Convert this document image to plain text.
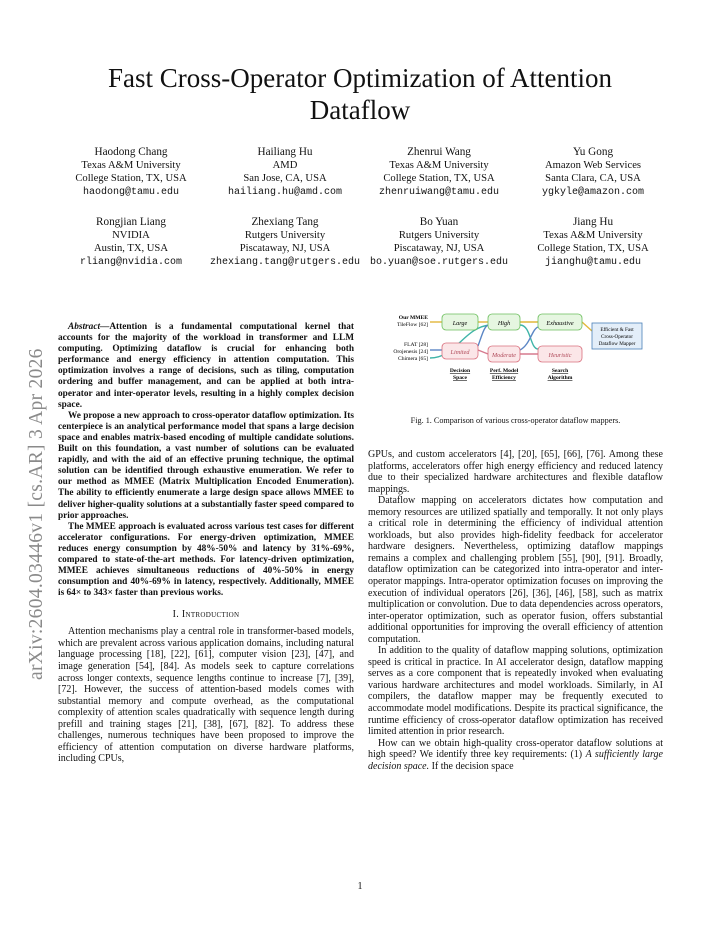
arXiv:2604.03446v1 [cs.AR] 3 Apr 2026
Fast Cross-Operator Optimization of Attention Dataflow
Haodong Chang
Texas A&M University
College Station, TX, USA
haodong@tamu.edu
Hailiang Hu
AMD
San Jose, CA, USA
hailiang.hu@amd.com
Zhenrui Wang
Texas A&M University
College Station, TX, USA
zhenruiwang@tamu.edu
Yu Gong
Amazon Web Services
Santa Clara, CA, USA
ygkyle@amazon.com
Rongjian Liang
NVIDIA
Austin, TX, USA
rliang@nvidia.com
Zhexiang Tang
Rutgers University
Piscataway, NJ, USA
zhexiang.tang@rutgers.edu
Bo Yuan
Rutgers University
Piscataway, NJ, USA
bo.yuan@soe.rutgers.edu
Jiang Hu
Texas A&M University
College Station, TX, USA
jianghu@tamu.edu

Abstract—Attention is a fundamental computational kernel that accounts for the majority of the workload in transformer and LLM computing. Optimizing dataflow is crucial for enhancing both performance and energy efficiency in attention computation. This optimization involves a range of decisions, such as tiling, computation ordering and buffer management, and can be applied at both intra-operator and inter-operator levels, resulting in a highly complex decision space.

We propose a new approach to cross-operator dataflow optimization. Its centerpiece is an analytical performance model that spans a large decision space and enables matrix-based encoding of multiple candidate solutions. Built on this foundation, a vast number of solutions can be evaluated rapidly, and with the aid of an effective pruning technique, the optimal solution can be identified through exhaustive enumeration. We refer to our method as MMEE (Matrix Multiplication Encoded Enumeration). The ability to efficiently enumerate a large design space allows MMEE to deliver higher-quality solutions at a substantially faster speed compared to prior approaches.

The MMEE approach is evaluated across various test cases for different accelerator configurations. For energy-driven optimization, MMEE reduces energy consumption by 48%-50% and latency by 31%-69%, compared to state-of-the-art methods. For latency-driven optimization, MMEE achieves simultaneous reductions of 40%-50% in energy consumption and 40%-69% in latency, respectively. Additionally, MMEE is 64× to 343× faster than previous works.

I. Introduction

Attention mechanisms play a central role in transformer-based models, which are prevalent across various application domains, including natural language processing [18], [22], [61], computer vision [23], [47], and image generation [54], [84]. As models seek to capture correlations across longer contexts, sequence lengths continue to increase [7], [39], [72]. However, the success of attention-based models comes with substantial memory and compute overhead, as the computational complexity of attention scales quadratically with sequence length during prefill and training stages [21], [38], [67], [82]. To address these challenges, numerous techniques have been proposed to improve the efficiency of attention computation on diverse hardware platforms, including CPUs,

Our MMEE
TileFlow [62]
FLAT [28]
Orojenesis [24]
Chimera [65]
Large	High	Exhaustive
Limited	Moderate	Heuristic
Efficient & Fast
Cross-Operator
Dataflow Mapper
Decision
Space
Perf. Model
Efficiency
Search
Algorithm
Fig. 1. Comparison of various cross-operator dataflow mappers.

GPUs, and custom accelerators [4], [20], [65], [66], [76]. Among these platforms, accelerators offer high energy efficiency and reduced latency due to their specialized hardware architectures and flexible dataflow mappings.

Dataflow mapping on accelerators dictates how computation and memory resources are utilized spatially and temporally. It not only plays a critical role in determining the efficiency of individual attention workloads, but also provides high-fidelity feedback for accelerator hardware designers. Nevertheless, optimizing dataflow mappings remains a complex and challenging problem [55], [90], [91]. Broadly, dataflow optimization can be categorized into intra-operator and inter-operator mappings. Intra-operator optimization focuses on improving the execution of individual operators [26], [36], [46], [58], such as matrix multiplication or convolution. Due to data dependencies across operators, inter-operator optimization, such as operator fusion, offers substantial additional opportunities for improving the overall efficiency of attention computation.

In addition to the quality of dataflow mapping solutions, optimization speed is critical in practice. In AI accelerator design, dataflow mapping serves as a core component that is repeatedly invoked when evaluating various hardware architectures and model workloads. Similarly, in AI compilers, the dataflow mapper may be frequently executed to accommodate model modifications. Despite its practical significance, the runtime efficiency of cross-operator dataflow optimization has received limited attention in prior research.

How can we obtain high-quality cross-operator dataflow solutions at high speed? We identify three key requirements: (1) A sufficiently large decision space. If the decision space

1
